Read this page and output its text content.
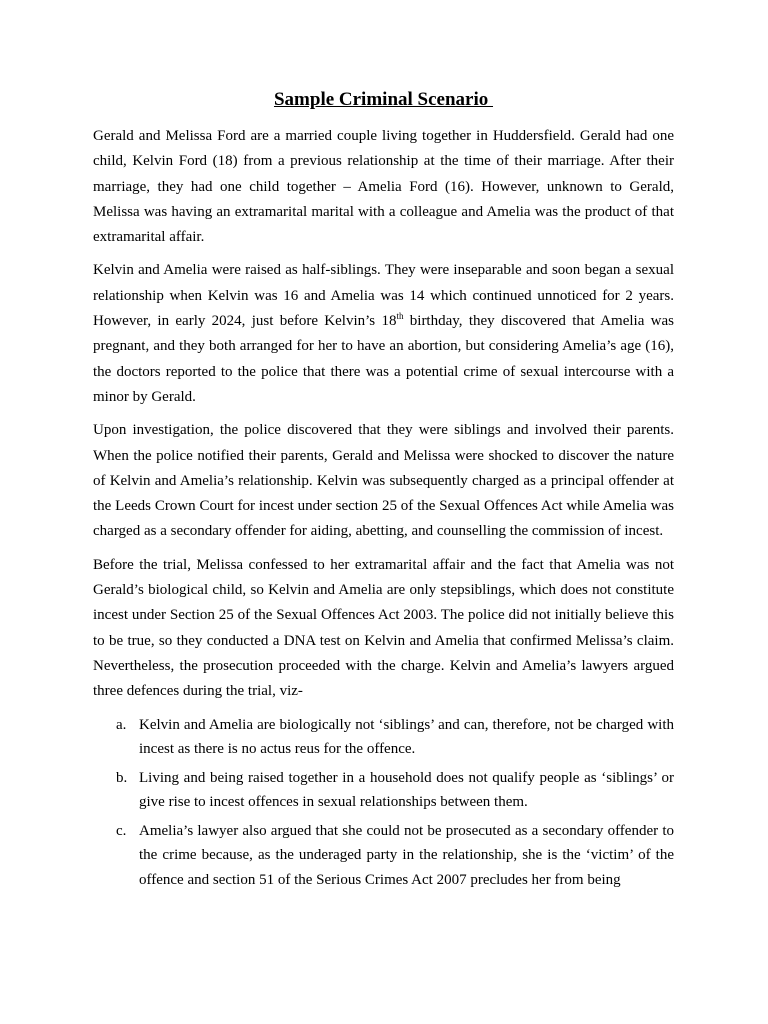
Sample Criminal Scenario

Gerald and Melissa Ford are a married couple living together in Huddersfield. Gerald had one child, Kelvin Ford (18) from a previous relationship at the time of their marriage. After their marriage, they had one child together – Amelia Ford (16). However, unknown to Gerald, Melissa was having an extramarital marital with a colleague and Amelia was the product of that extramarital affair.

Kelvin and Amelia were raised as half-siblings. They were inseparable and soon began a sexual relationship when Kelvin was 16 and Amelia was 14 which continued unnoticed for 2 years. However, in early 2024, just before Kelvin’s 18th birthday, they discovered that Amelia was pregnant, and they both arranged for her to have an abortion, but considering Amelia’s age (16), the doctors reported to the police that there was a potential crime of sexual intercourse with a minor by Gerald.

Upon investigation, the police discovered that they were siblings and involved their parents. When the police notified their parents, Gerald and Melissa were shocked to discover the nature of Kelvin and Amelia’s relationship. Kelvin was subsequently charged as a principal offender at the Leeds Crown Court for incest under section 25 of the Sexual Offences Act while Amelia was charged as a secondary offender for aiding, abetting, and counselling the commission of incest.

Before the trial, Melissa confessed to her extramarital affair and the fact that Amelia was not Gerald’s biological child, so Kelvin and Amelia are only stepsiblings, which does not constitute incest under Section 25 of the Sexual Offences Act 2003. The police did not initially believe this to be true, so they conducted a DNA test on Kelvin and Amelia that confirmed Melissa’s claim. Nevertheless, the prosecution proceeded with the charge. Kelvin and Amelia’s lawyers argued three defences during the trial, viz-

a. Kelvin and Amelia are biologically not ‘siblings’ and can, therefore, not be charged with incest as there is no actus reus for the offence.
b. Living and being raised together in a household does not qualify people as ‘siblings’ or give rise to incest offences in sexual relationships between them.
c. Amelia’s lawyer also argued that she could not be prosecuted as a secondary offender to the crime because, as the underaged party in the relationship, she is the ‘victim’ of the offence and section 51 of the Serious Crimes Act 2007 precludes her from being
